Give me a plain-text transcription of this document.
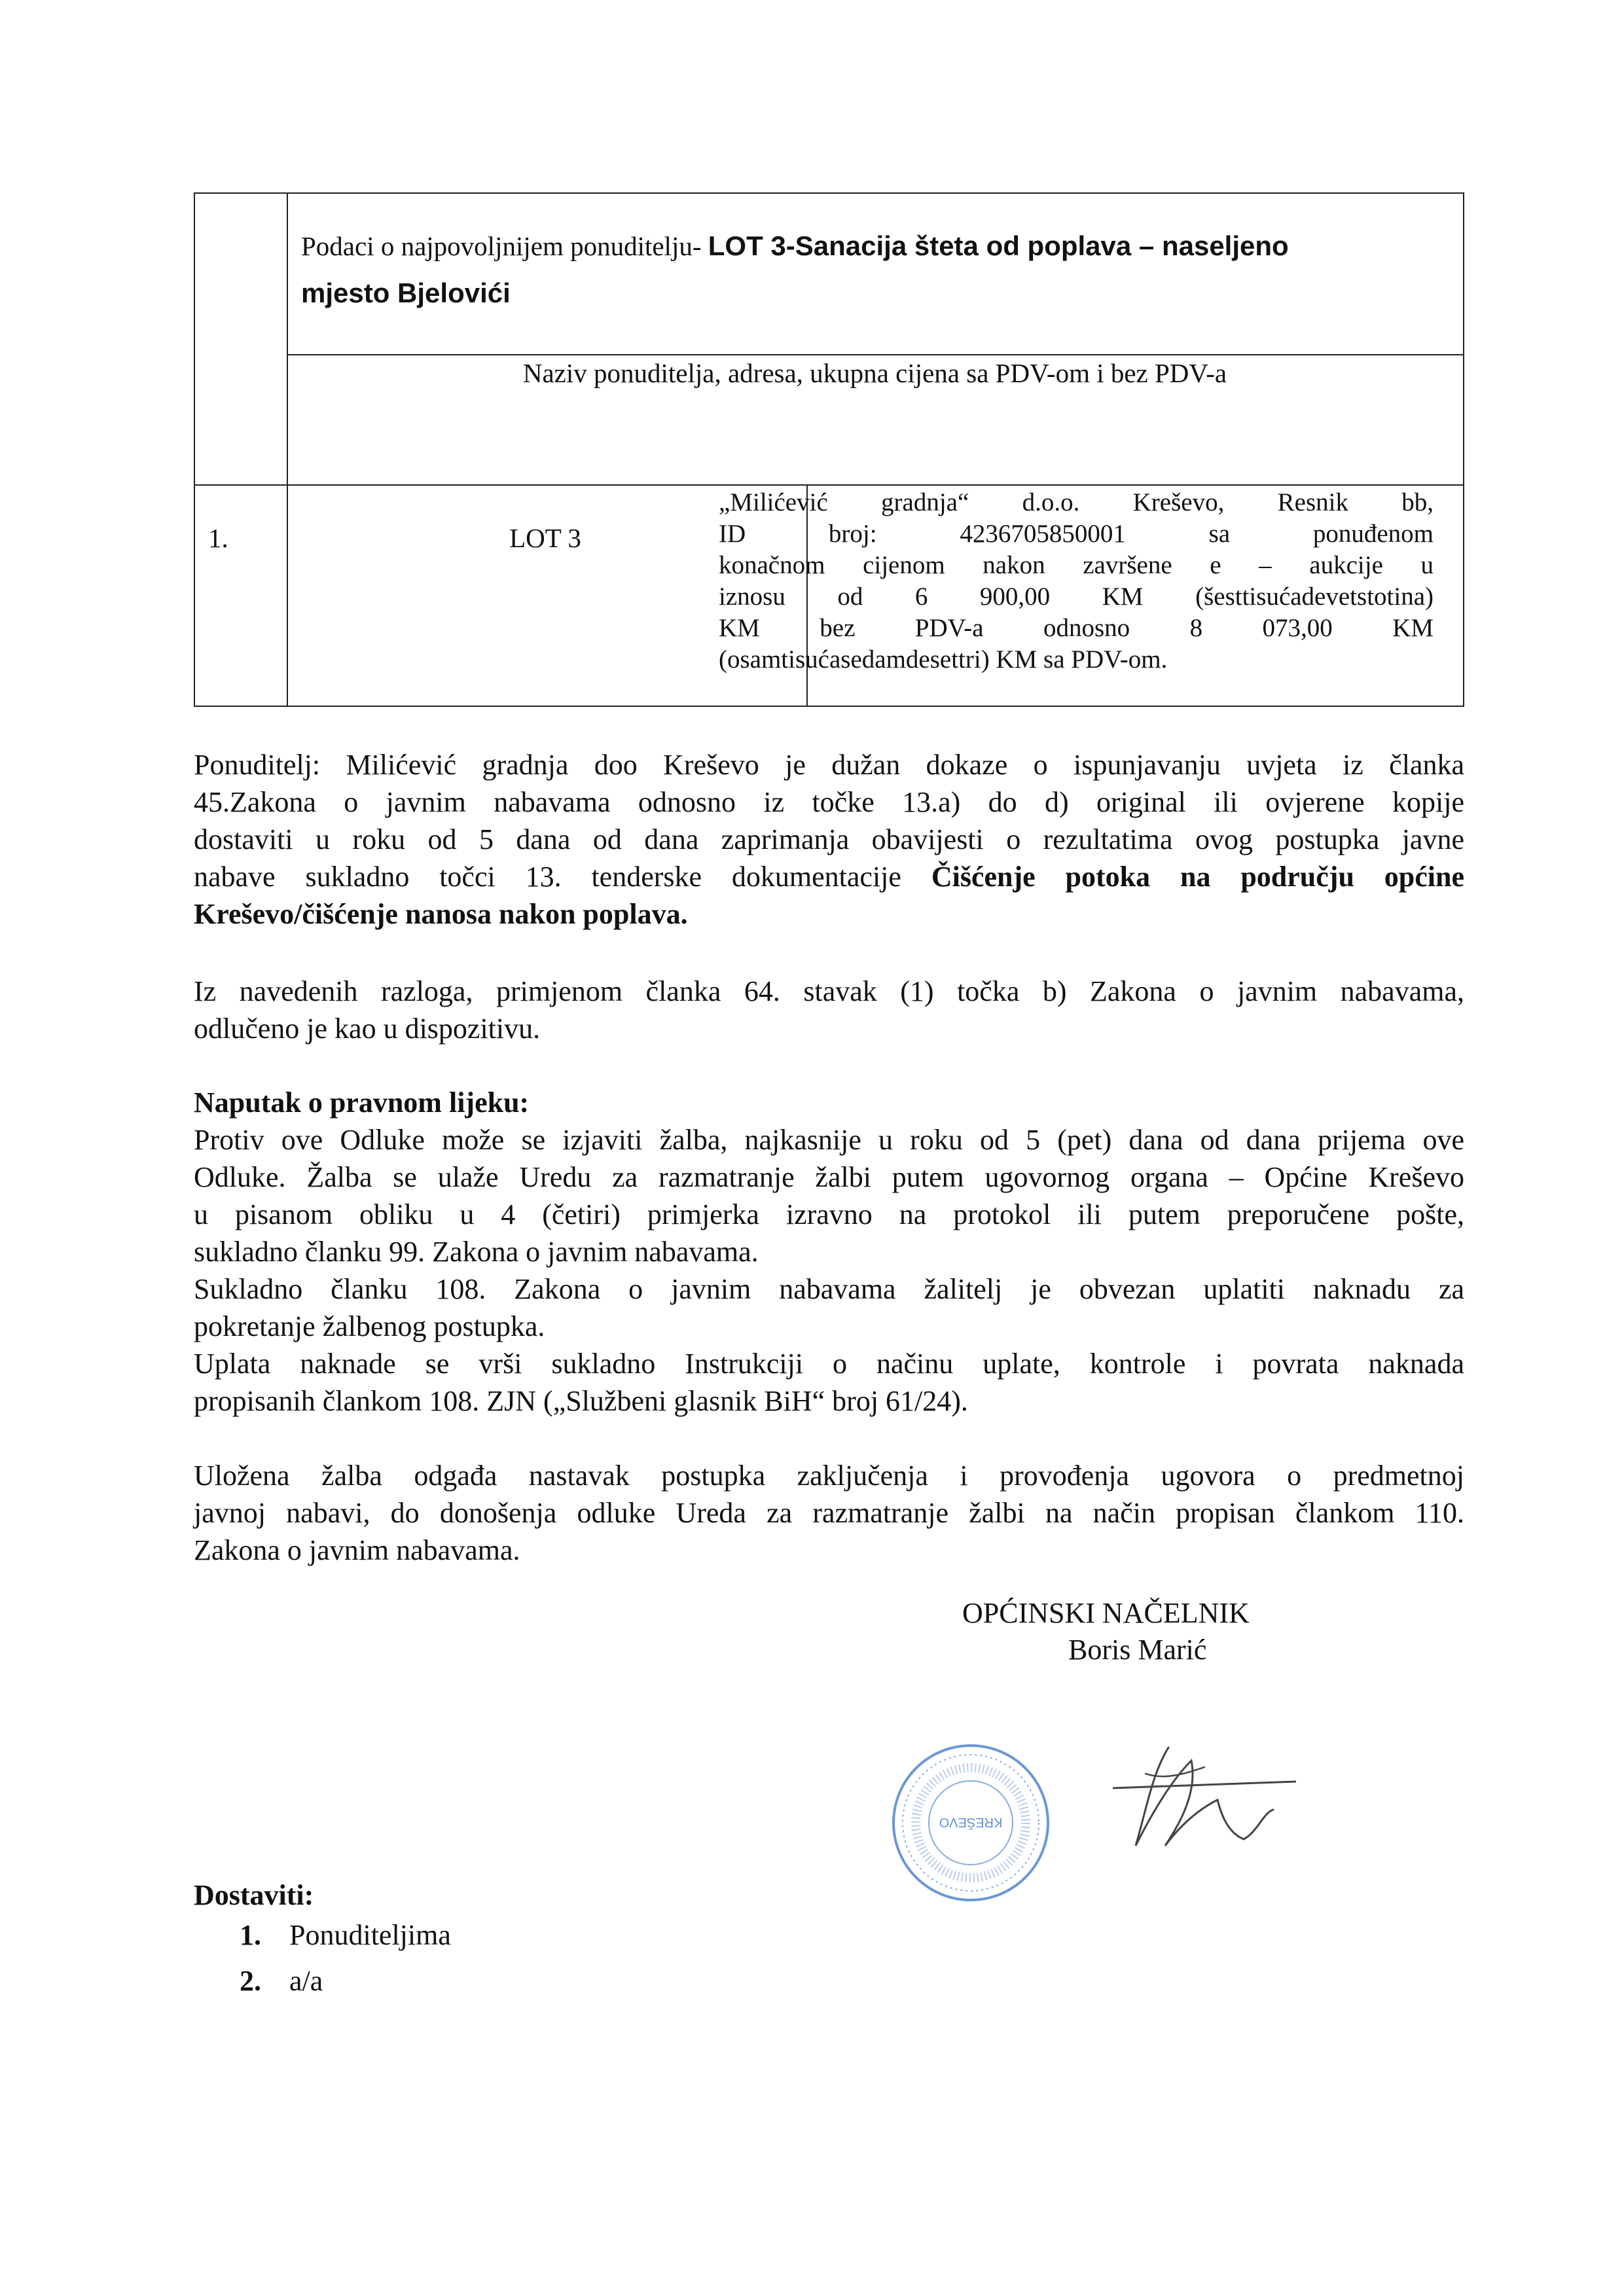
Podaci o najpovoljnijem ponuditelju- LOT 3-Sanacija šteta od poplava – naseljeno
mjesto Bjelovići
Naziv ponuditelja, adresa, ukupna cijena sa PDV-om i bez PDV-a
1.	LOT 3
„Milićević gradnja“ d.o.o. Kreševo, Resnik bb,
ID broj: 4236705850001 sa ponuđenom
konačnom cijenom nakon završene e – aukcije u
iznosu od 6 900,00 KM (šesttisućadevetstotina)
KM bez PDV-a odnosno 8 073,00 KM
(osamtisućasedamdesettri) KM sa PDV-om.
Ponuditelj: Milićević gradnja doo Kreševo je dužan dokaze o ispunjavanju uvjeta iz članka
45.Zakona o javnim nabavama odnosno iz točke 13.a) do d) original ili ovjerene kopije
dostaviti u roku od 5 dana od dana zaprimanja obavijesti o rezultatima ovog postupka javne
nabave sukladno točci 13. tenderske dokumentacije Čišćenje potoka na području općine
Kreševo/čišćenje nanosa nakon poplava.
Iz navedenih razloga, primjenom članka 64. stavak (1) točka b) Zakona o javnim nabavama,
odlučeno je kao u dispozitivu.
Naputak o pravnom lijeku:
Protiv ove Odluke može se izjaviti žalba, najkasnije u roku od 5 (pet) dana od dana prijema ove
Odluke. Žalba se ulaže Uredu za razmatranje žalbi putem ugovornog organa – Općine Kreševo
u pisanom obliku u 4 (četiri) primjerka izravno na protokol ili putem preporučene pošte,
sukladno članku 99. Zakona o javnim nabavama.
Sukladno članku 108. Zakona o javnim nabavama žalitelj je obvezan uplatiti naknadu za
pokretanje žalbenog postupka.
Uplata naknade se vrši sukladno Instrukciji o načinu uplate, kontrole i povrata naknada
propisanih člankom 108. ZJN („Službeni glasnik BiH“ broj 61/24).
Uložena žalba odgađa nastavak postupka zaključenja i provođenja ugovora o predmetnoj
javnoj nabavi, do donošenja odluke Ureda za razmatranje žalbi na način propisan člankom 110.
Zakona o javnim nabavama.
OPĆINSKI NAČELNIK
Boris Marić
KREŠEVO
Dostaviti:
1. Ponuditeljima
2. a/a
